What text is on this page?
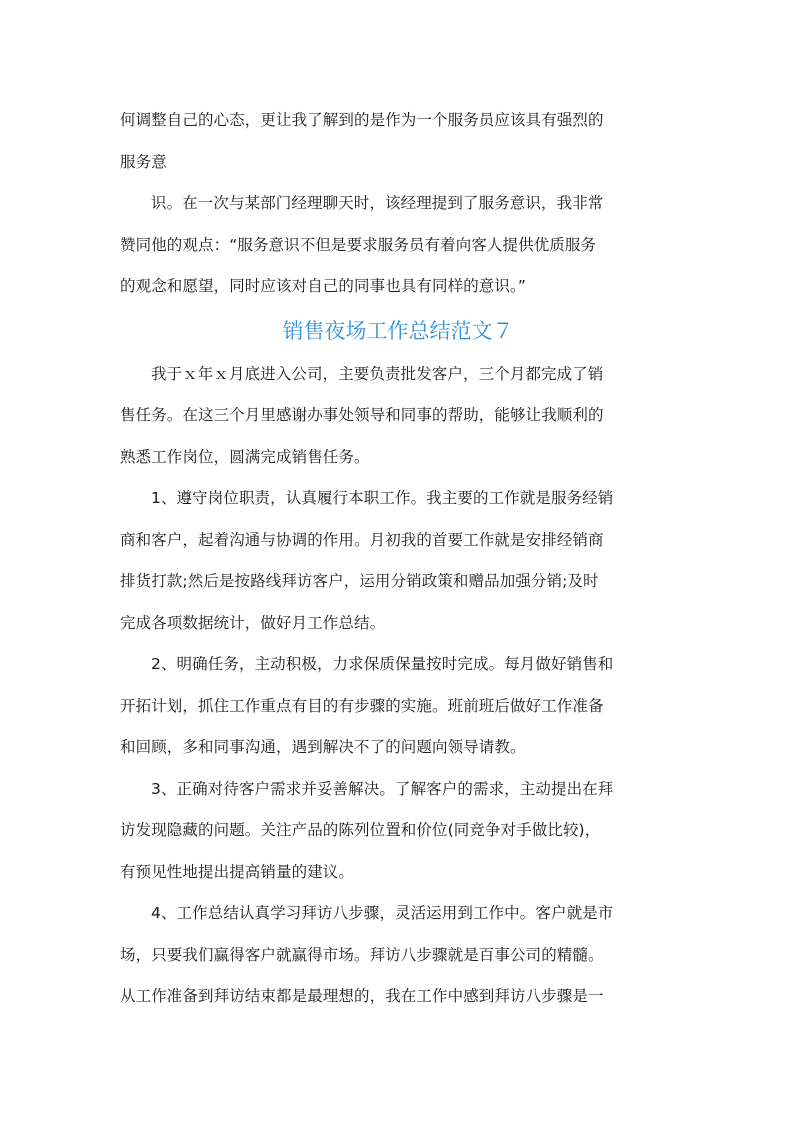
何调整自己的心态，更让我了解到的是作为一个服务员应该具有强烈的
服务意
识。在一次与某部门经理聊天时，该经理提到了服务意识，我非常
赞同他的观点：“服务意识不但是要求服务员有着向客人提供优质服务
的观念和愿望，同时应该对自己的同事也具有同样的意识。”
销售夜场工作总结范文７
我于ｘ年ｘ月底进入公司，主要负责批发客户，三个月都完成了销
售任务。在这三个月里感谢办事处领导和同事的帮助，能够让我顺利的
熟悉工作岗位，圆满完成销售任务。
1、遵守岗位职责，认真履行本职工作。我主要的工作就是服务经销
商和客户，起着沟通与协调的作用。月初我的首要工作就是安排经销商
排货打款;然后是按路线拜访客户，运用分销政策和赠品加强分销;及时
完成各项数据统计，做好月工作总结。
2、明确任务，主动积极，力求保质保量按时完成。每月做好销售和
开拓计划，抓住工作重点有目的有步骤的实施。班前班后做好工作准备
和回顾，多和同事沟通，遇到解决不了的问题向领导请教。
3、正确对待客户需求并妥善解决。了解客户的需求，主动提出在拜
访发现隐藏的问题。关注产品的陈列位置和价位(同竞争对手做比较)，
有预见性地提出提高销量的建议。
4、工作总结认真学习拜访八步骤，灵活运用到工作中。客户就是市
场，只要我们赢得客户就赢得市场。拜访八步骤就是百事公司的精髓。
从工作准备到拜访结束都是最理想的，我在工作中感到拜访八步骤是一
